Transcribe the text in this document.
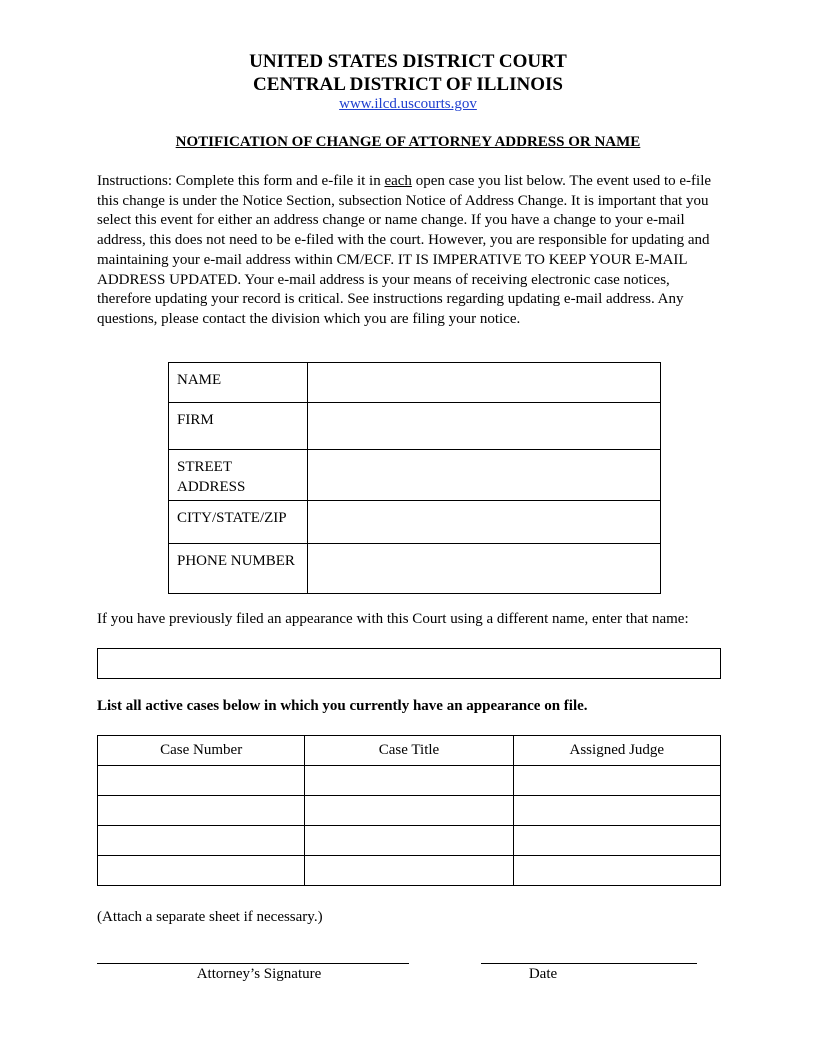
UNITED STATES DISTRICT COURT
CENTRAL DISTRICT OF ILLINOIS
www.ilcd.uscourts.gov
NOTIFICATION OF CHANGE OF ATTORNEY ADDRESS OR NAME

Instructions: Complete this form and e-file it in each open case you list below. The event used to e-file this change is under the Notice Section, subsection Notice of Address Change. It is important that you select this event for either an address change or name change. If you have a change to your e-mail address, this does not need to be e-filed with the court. However, you are responsible for updating and maintaining your e-mail address within CM/ECF. IT IS IMPERATIVE TO KEEP YOUR E-MAIL ADDRESS UPDATED. Your e-mail address is your means of receiving electronic case notices, therefore updating your record is critical. See instructions regarding updating e-mail address. Any questions, please contact the division which you are filing your notice.

NAME	
FIRM	
STREET ADDRESS	
CITY/STATE/ZIP	
PHONE NUMBER	

If you have previously filed an appearance with this Court using a different name, enter that name:

List all active cases below in which you currently have an appearance on file.
Case Number	Case Title	Assigned Judge

(Attach a separate sheet if necessary.)
Attorney’s Signature	Date
